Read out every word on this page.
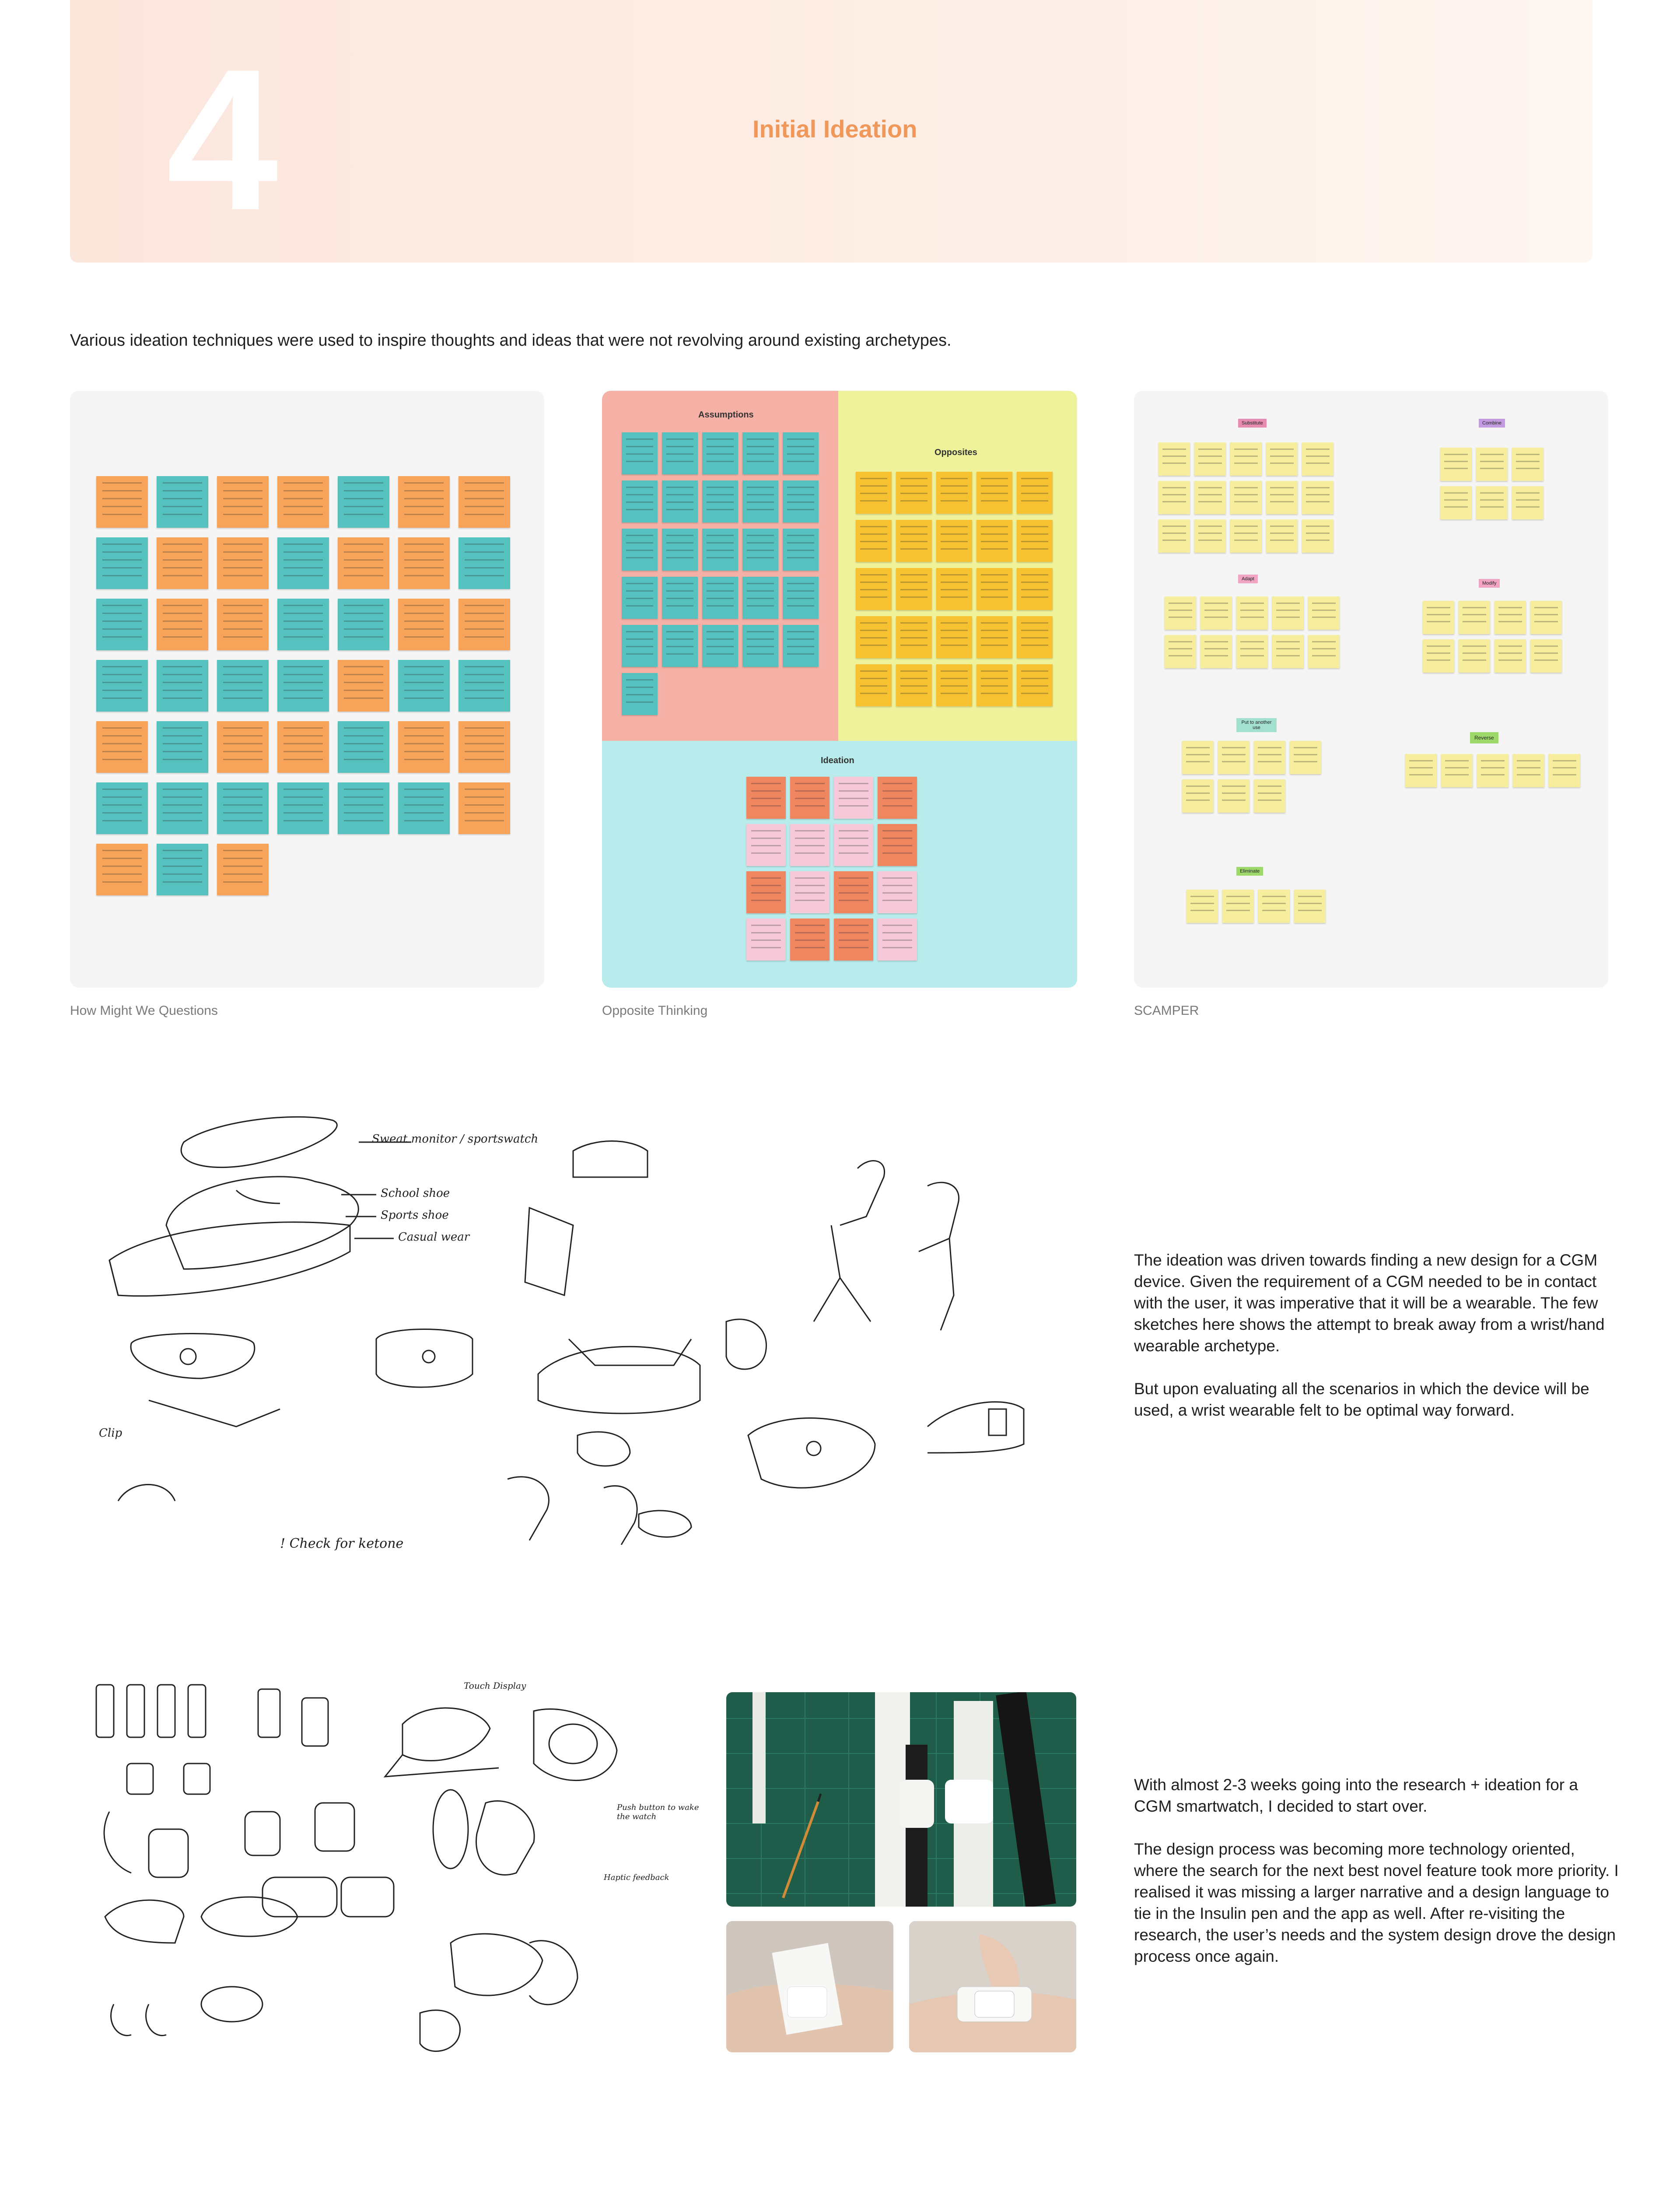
4	Initial Ideation
Various ideation techniques were used to inspire thoughts and ideas that were not revolving around existing archetypes.
How Might We Questions
Assumptions
Opposites
Ideation
Opposite Thinking
Substitute	Combine
Adapt
Modify
Put to another use
Reverse
Eliminate
SCAMPER
Sweat monitor / sportswatch
School shoe
Sports shoe
Casual wear
Clip
! Check for ketone

The ideation was driven towards finding a new design for a CGM device. Given the requirement of a CGM needed to be in contact with the user, it was imperative that it will be a wearable. The few sketches here shows the attempt to break away from a wrist/hand wearable archetype.

But upon evaluating all the scenarios in which the device will be used, a wrist wearable felt to be optimal way forward.

Touch Display
Push button to wake the watch
Haptic feedback

With almost 2-3 weeks going into the research + ideation for a CGM smartwatch, I decided to start over.

The design process was becoming more technology oriented, where the search for the next best novel feature took more priority. I realised it was missing a larger narrative and a design language to tie in the Insulin pen and the app as well. After re-visiting the research, the user’s needs and the system design drove the design process once again.
